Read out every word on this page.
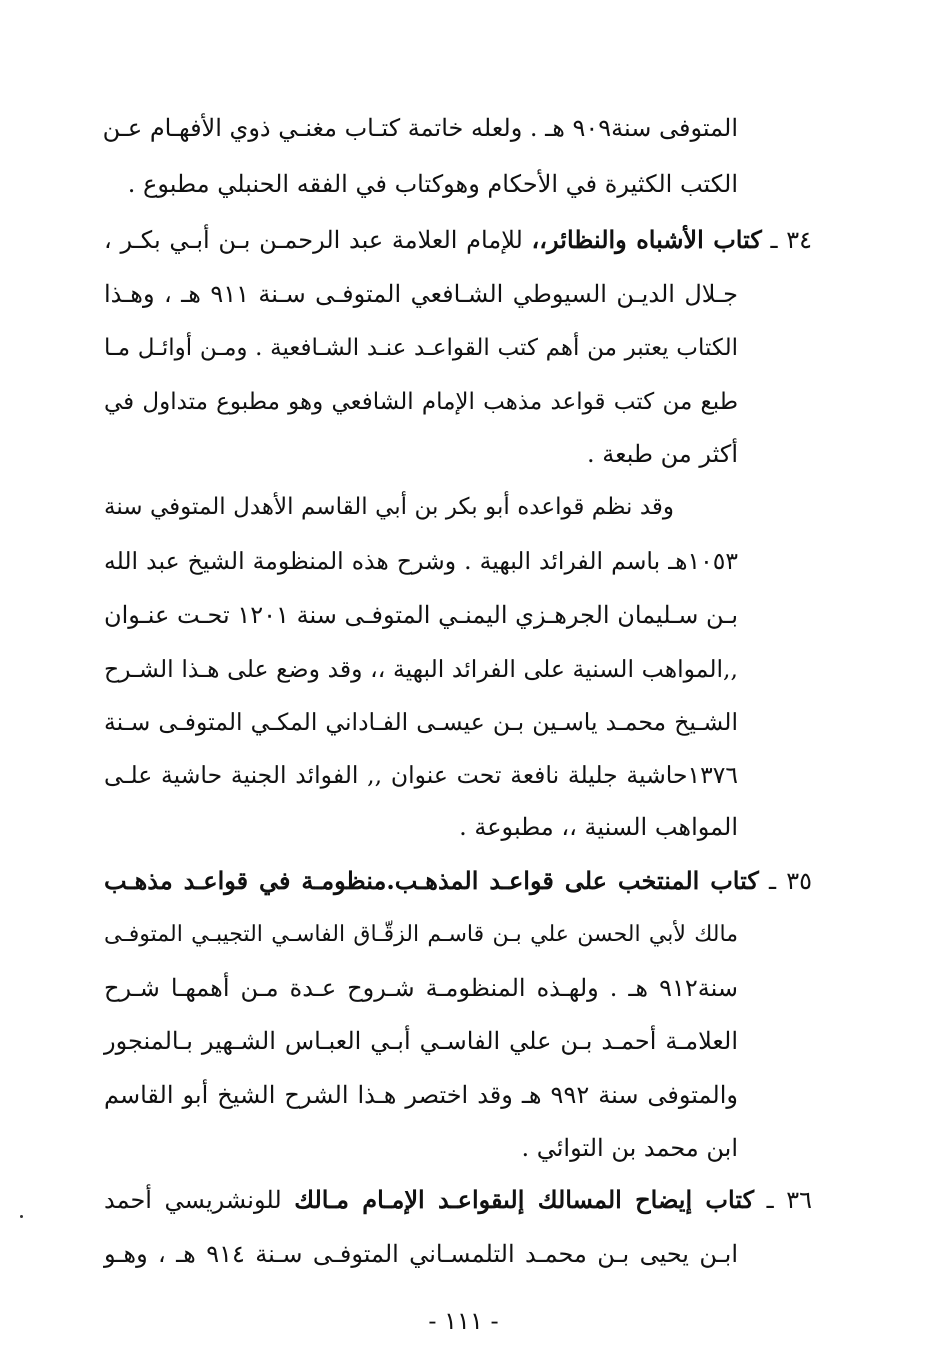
المتوفى سنة٩٠٩ هـ . ولعله خاتمة كتـاب مغنـي ذوي الأفهـام عـن
الكتب الكثيرة في الأحكام وهوكتاب في الفقه الحنبلي مطبوع .
٣٤ ـ كتاب الأشباه والنظائر،، للإمام العلامة عبد الرحمـن بـن أبـي بكـر ،
جـلال الديـن السيوطي الشـافعي المتوفـى سـنة ٩١١ هـ ، وهـذا
الكتاب يعتبر من أهم كتب القواعـد عنـد الشـافعية . ومـن أوائـل مـا
طبع من كتب قواعد مذهب الإمام الشافعي وهو مطبوع متداول في
أكثر من طبعة .
وقد نظم قواعده أبو بكر بن أبي القاسم الأهدل المتوفي سنة
١٠٥٣هـ باسم الفرائد البهية . وشرح هذه المنظومة الشيخ عبد الله
بـن سـليمان الجرهـزي اليمنـي المتوفـى سنة ١٢٠١ تحـت عنـوان
,,المواهب السنية على الفرائد البهية ،، وقد وضع على هـذا الشـرح
الشـيخ محمـد ياسـين بـن عيسـى الفـاداني المكـي المتوفـى سـنة
١٣٧٦حاشية جليلة نافعة تحت عنوان ,, الفوائد الجنية حاشية علـى
المواهب السنية ،، مطبوعة .
٣٥ ـ كتاب المنتخب على قواعـد المذهـب.منظومـة في قواعـد مذهـب
مالك لأبي الحسن علي بـن قاسـم الزقّـاق الفاسـي التجيبـي المتوفـى
سنة٩١٢ هـ . ولهـذه المنظومـة شـروح عـدة مـن أهمهـا شـرح
العلامـة أحمـد بـن علي الفاسـي أبـي العبـاس الشـهير بـالمنجور
والمتوفى سنة ٩٩٢ هـ وقد اختصر هـذا الشرح الشيخ أبو القاسم
ابن محمد بن التوائي .
٣٦ ـ كتاب إيضاح المسالك إلىقواعـد الإمـام مـالك للونشريسي أحمد
ابـن يحيى بـن محمـد التلمسـاني المتوفـى سـنة ٩١٤ هـ ، وهـو
- ١١١ -
